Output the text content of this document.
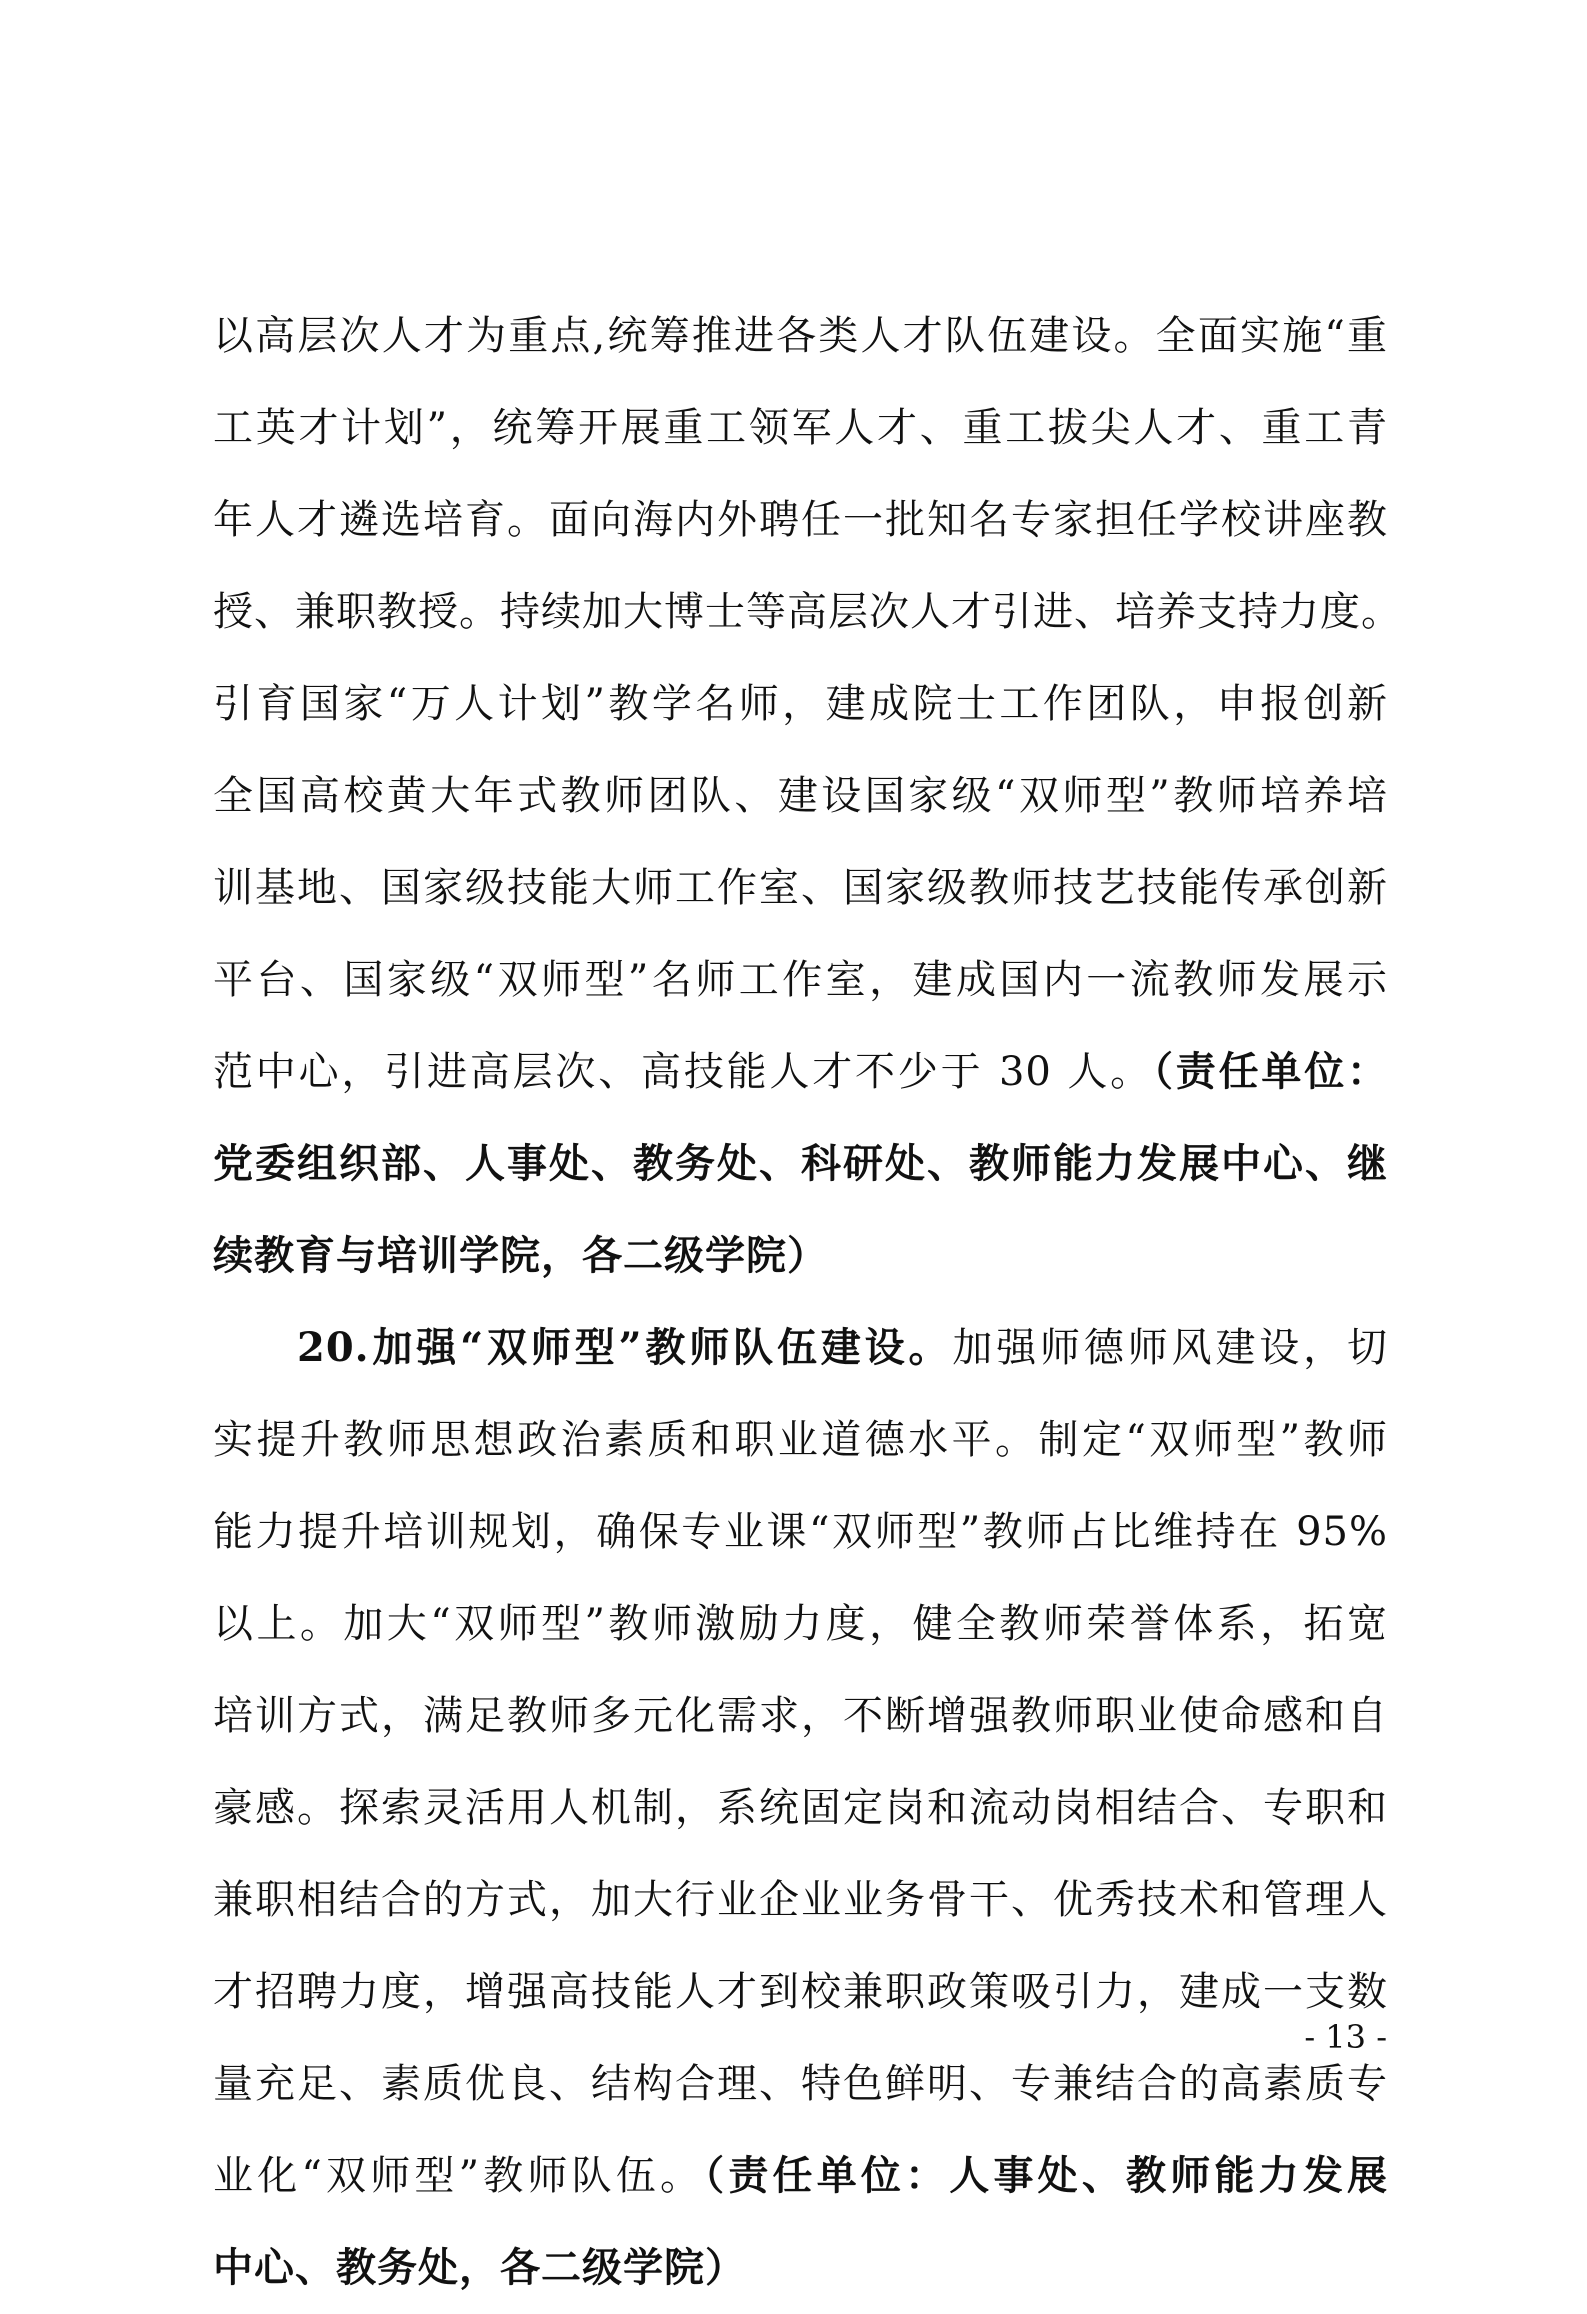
以高层次人才为重点,统筹推进各类人才队伍建设。全面实施“重
工英才计划”，统筹开展重工领军人才、重工拔尖人才、重工青
年人才遴选培育。面向海内外聘任一批知名专家担任学校讲座教
授、兼职教授。持续加大博士等高层次人才引进、培养支持力度。
引育国家“万人计划”教学名师，建成院士工作团队，申报创新
全国高校黄大年式教师团队、建设国家级“双师型”教师培养培
训基地、国家级技能大师工作室、国家级教师技艺技能传承创新
平台、国家级“双师型”名师工作室，建成国内一流教师发展示
范中心，引进高层次、高技能人才不少于 30 人。（责任单位：
党委组织部、人事处、教务处、科研处、教师能力发展中心、继
续教育与培训学院，各二级学院）
20.加强“双师型”教师队伍建设。加强师德师风建设，切
实提升教师思想政治素质和职业道德水平。制定“双师型”教师
能力提升培训规划，确保专业课“双师型”教师占比维持在 95%
以上。加大“双师型”教师激励力度，健全教师荣誉体系，拓宽
培训方式，满足教师多元化需求，不断增强教师职业使命感和自
豪感。探索灵活用人机制，系统固定岗和流动岗相结合、专职和
兼职相结合的方式，加大行业企业业务骨干、优秀技术和管理人
才招聘力度，增强高技能人才到校兼职政策吸引力，建成一支数
量充足、素质优良、结构合理、特色鲜明、专兼结合的高素质专
业化“双师型”教师队伍。（责任单位：人事处、教师能力发展
中心、教务处，各二级学院）
- 13 -
